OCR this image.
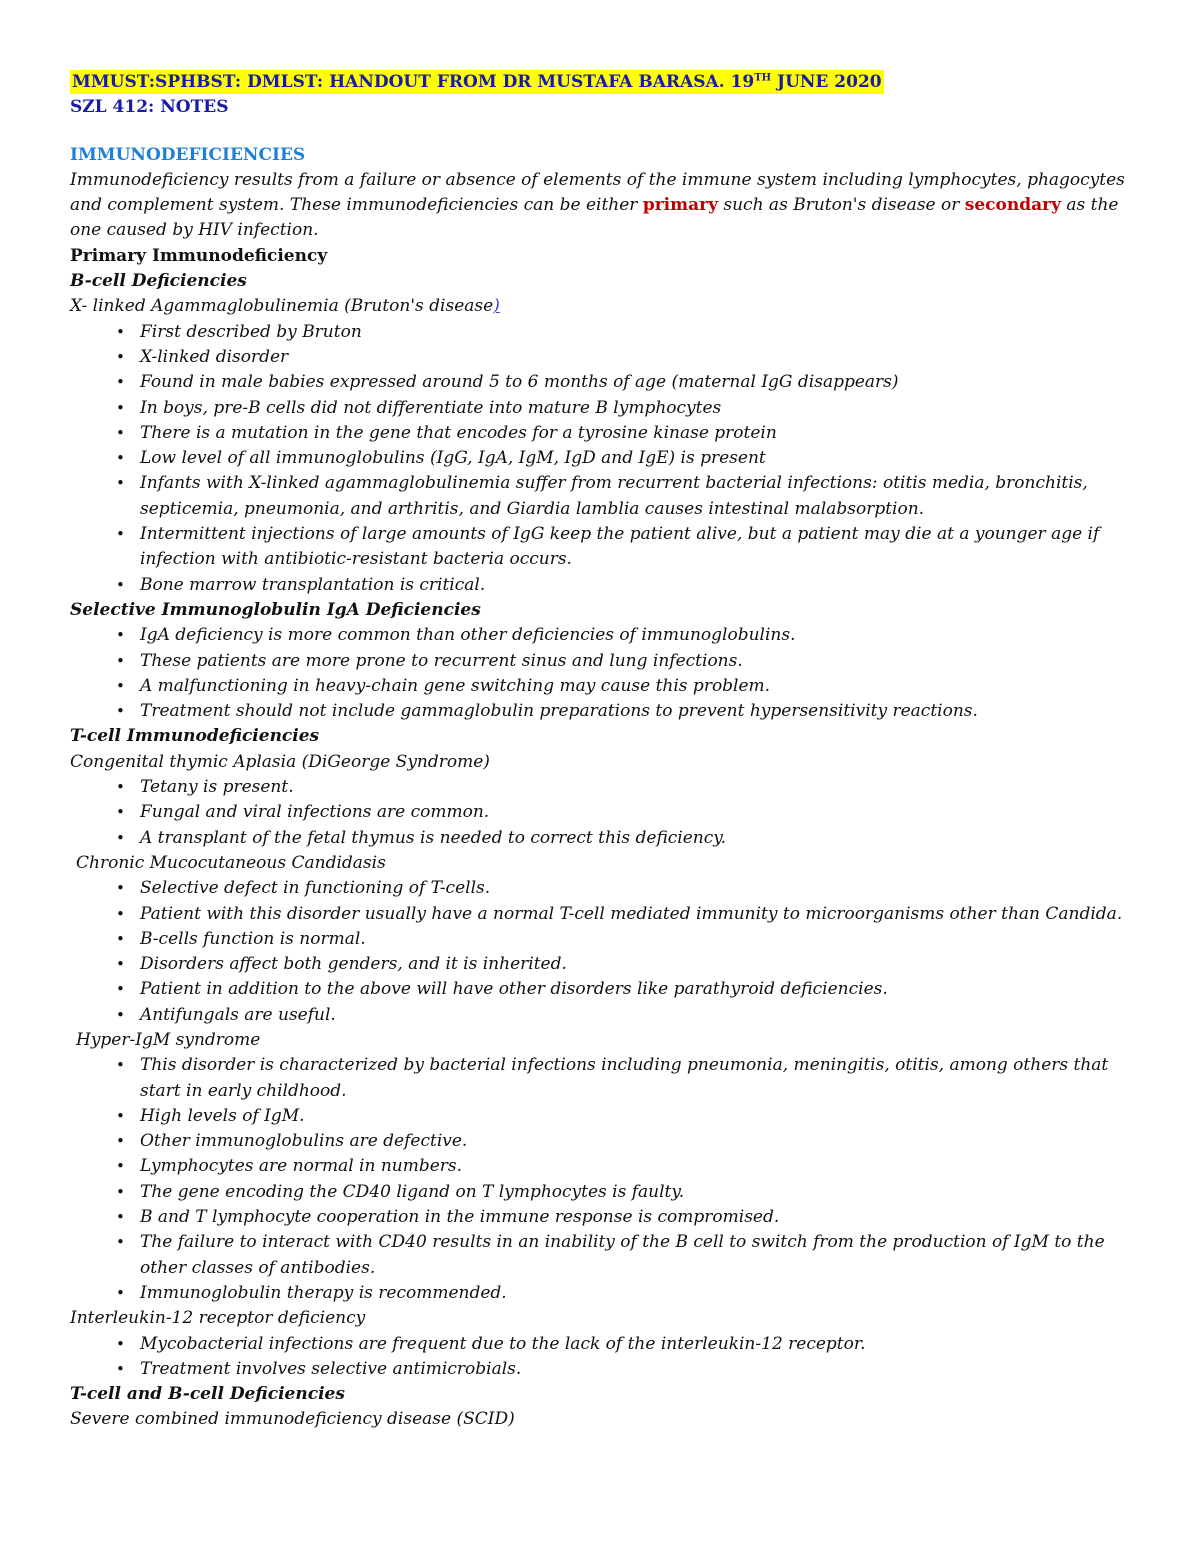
MMUST:SPHBST: DMLST: HANDOUT FROM DR MUSTAFA BARASA. 19TH JUNE 2020
SZL 412: NOTES
IMMUNODEFICIENCIES
Immunodeficiency results from a failure or absence of elements of the immune system including lymphocytes, phagocytes and complement system. These immunodeficiencies can be either primary such as Bruton's disease or secondary as the one caused by HIV infection.
Primary Immunodeficiency
B-cell Deficiencies
X- linked Agammaglobulinemia (Bruton's disease)
• First described by Bruton
• X-linked disorder
• Found in male babies expressed around 5 to 6 months of age (maternal IgG disappears)
• In boys, pre-B cells did not differentiate into mature B lymphocytes
• There is a mutation in the gene that encodes for a tyrosine kinase protein
• Low level of all immunoglobulins (IgG, IgA, IgM, IgD and IgE) is present
• Infants with X-linked agammaglobulinemia suffer from recurrent bacterial infections: otitis media, bronchitis, septicemia, pneumonia, and arthritis, and Giardia lamblia causes intestinal malabsorption.
• Intermittent injections of large amounts of IgG keep the patient alive, but a patient may die at a younger age if infection with antibiotic-resistant bacteria occurs.
• Bone marrow transplantation is critical.
Selective Immunoglobulin IgA Deficiencies
• IgA deficiency is more common than other deficiencies of immunoglobulins.
• These patients are more prone to recurrent sinus and lung infections.
• A malfunctioning in heavy-chain gene switching may cause this problem.
• Treatment should not include gammaglobulin preparations to prevent hypersensitivity reactions.
T-cell Immunodeficiencies
Congenital thymic Aplasia (DiGeorge Syndrome)
• Tetany is present.
• Fungal and viral infections are common.
• A transplant of the fetal thymus is needed to correct this deficiency.
Chronic Mucocutaneous Candidasis
• Selective defect in functioning of T-cells.
• Patient with this disorder usually have a normal T-cell mediated immunity to microorganisms other than Candida.
• B-cells function is normal.
• Disorders affect both genders, and it is inherited.
• Patient in addition to the above will have other disorders like parathyroid deficiencies.
• Antifungals are useful.
Hyper-IgM syndrome
• This disorder is characterized by bacterial infections including pneumonia, meningitis, otitis, among others that start in early childhood.
• High levels of IgM.
• Other immunoglobulins are defective.
• Lymphocytes are normal in numbers.
• The gene encoding the CD40 ligand on T lymphocytes is faulty.
• B and T lymphocyte cooperation in the immune response is compromised.
• The failure to interact with CD40 results in an inability of the B cell to switch from the production of IgM to the other classes of antibodies.
• Immunoglobulin therapy is recommended.
Interleukin-12 receptor deficiency
• Mycobacterial infections are frequent due to the lack of the interleukin-12 receptor.
• Treatment involves selective antimicrobials.
T-cell and B-cell Deficiencies
Severe combined immunodeficiency disease (SCID)
